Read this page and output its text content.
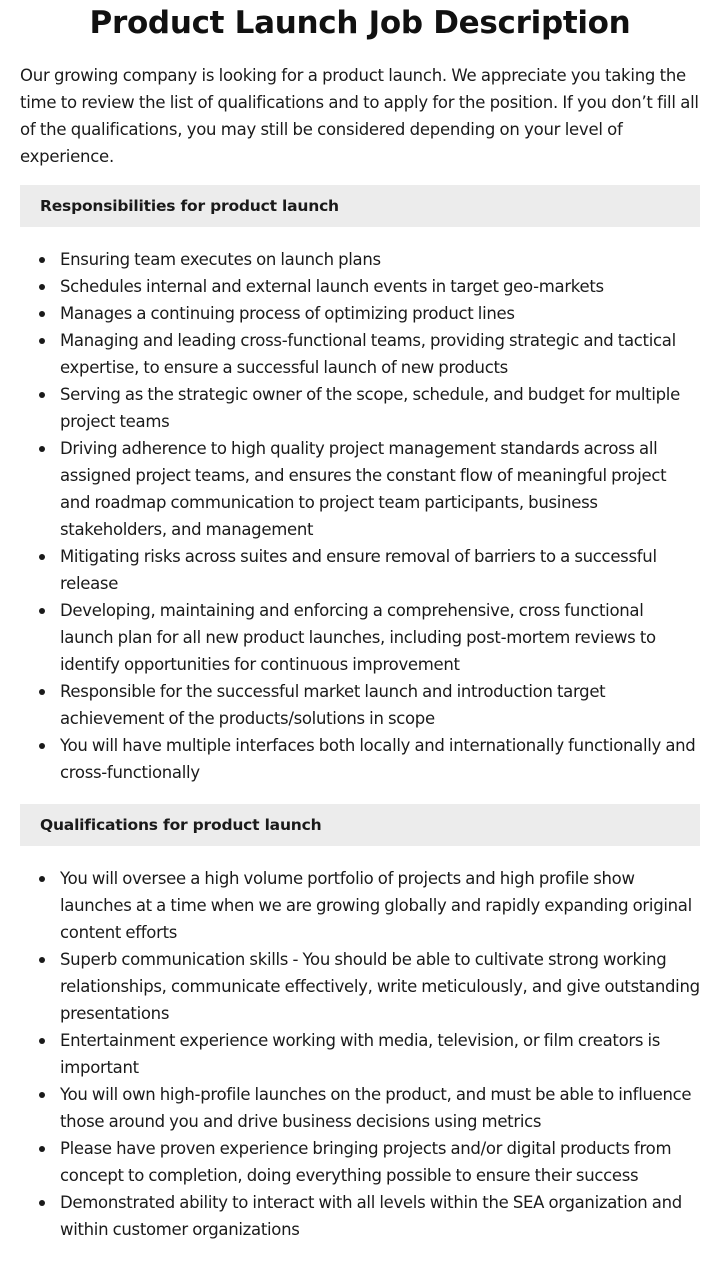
Product Launch Job Description

Our growing company is looking for a product launch. We appreciate you taking the time to review the list of qualifications and to apply for the position. If you don’t fill all of the qualifications, you may still be considered depending on your level of experience.

Responsibilities for product launch
Ensuring team executes on launch plans
Schedules internal and external launch events in target geo-markets
Manages a continuing process of optimizing product lines
Managing and leading cross-functional teams, providing strategic and tactical expertise, to ensure a successful launch of new products
Serving as the strategic owner of the scope, schedule, and budget for multiple project teams
Driving adherence to high quality project management standards across all assigned project teams, and ensures the constant flow of meaningful project and roadmap communication to project team participants, business stakeholders, and management
Mitigating risks across suites and ensure removal of barriers to a successful release
Developing, maintaining and enforcing a comprehensive, cross functional launch plan for all new product launches, including post-mortem reviews to identify opportunities for continuous improvement
Responsible for the successful market launch and introduction target achievement of the products/solutions in scope
You will have multiple interfaces both locally and internationally functionally and cross-functionally
Qualifications for product launch
You will oversee a high volume portfolio of projects and high profile show launches at a time when we are growing globally and rapidly expanding original content efforts
Superb communication skills - You should be able to cultivate strong working relationships, communicate effectively, write meticulously, and give outstanding presentations
Entertainment experience working with media, television, or film creators is important
You will own high-profile launches on the product, and must be able to influence those around you and drive business decisions using metrics
Please have proven experience bringing projects and/or digital products from concept to completion, doing everything possible to ensure their success
Demonstrated ability to interact with all levels within the SEA organization and within customer organizations
